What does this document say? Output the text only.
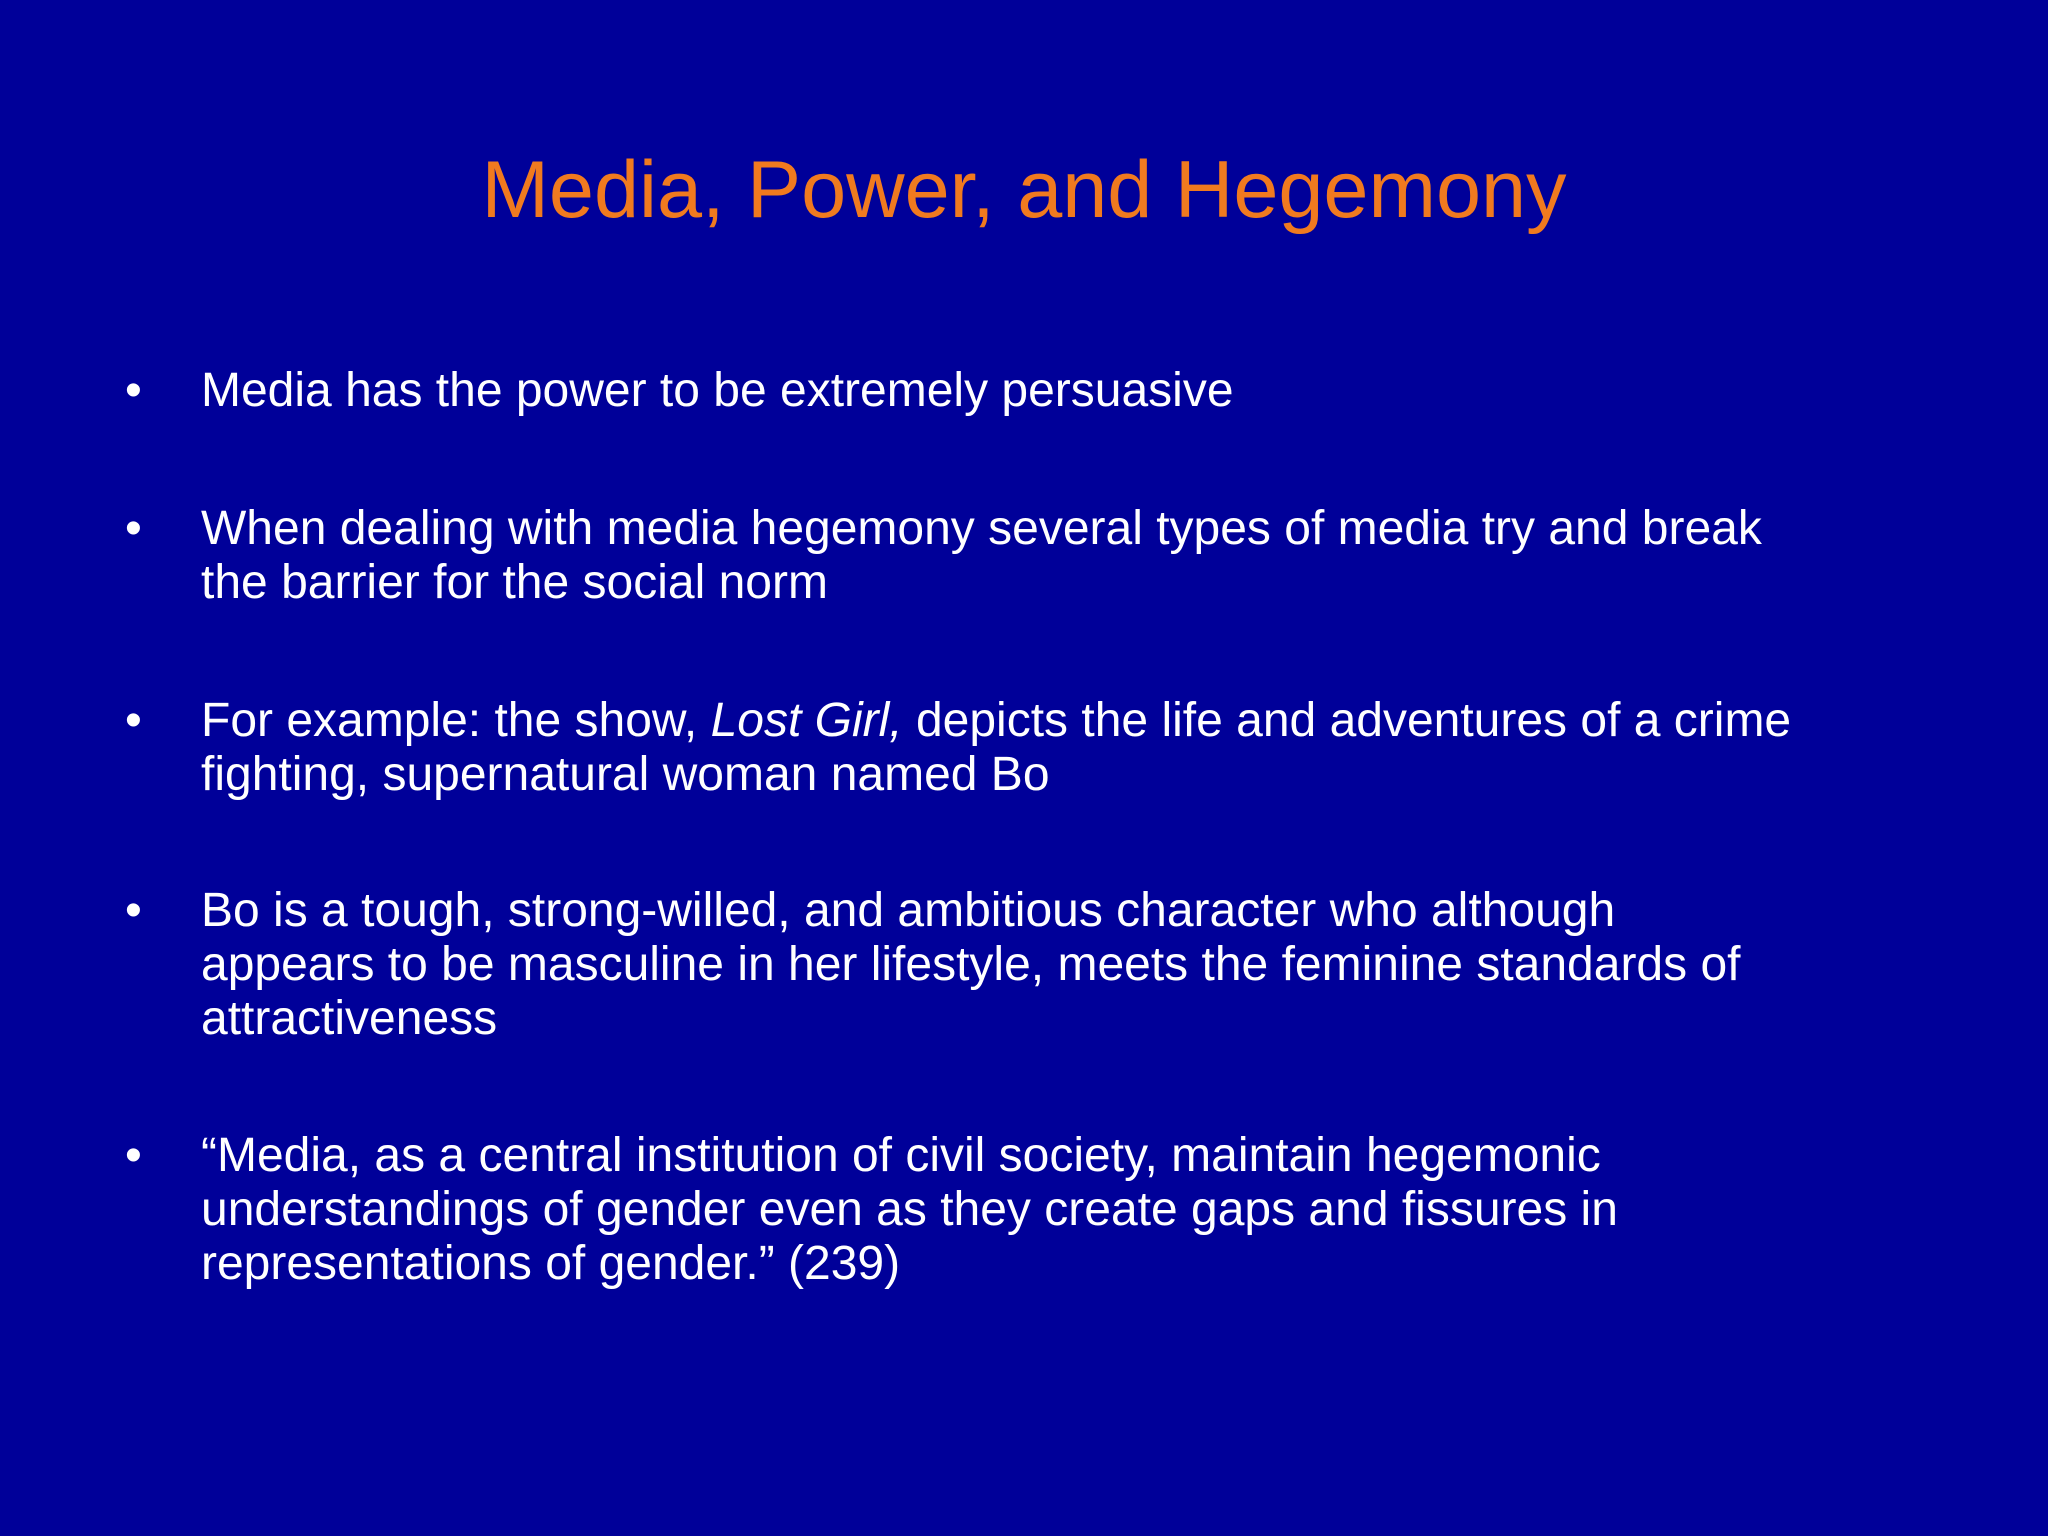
Media, Power, and Hegemony
•	Media has the power to be extremely persuasive
•	When dealing with media hegemony several types of media try and break
the barrier for the social norm
•	For example: the show, Lost Girl, depicts the life and adventures of a crime
fighting, supernatural woman named Bo
•	Bo is a tough, strong-willed, and ambitious character who although
appears to be masculine in her lifestyle, meets the feminine standards of
attractiveness
•	“Media, as a central institution of civil society, maintain hegemonic
understandings of gender even as they create gaps and fissures in
representations of gender.” (239)
